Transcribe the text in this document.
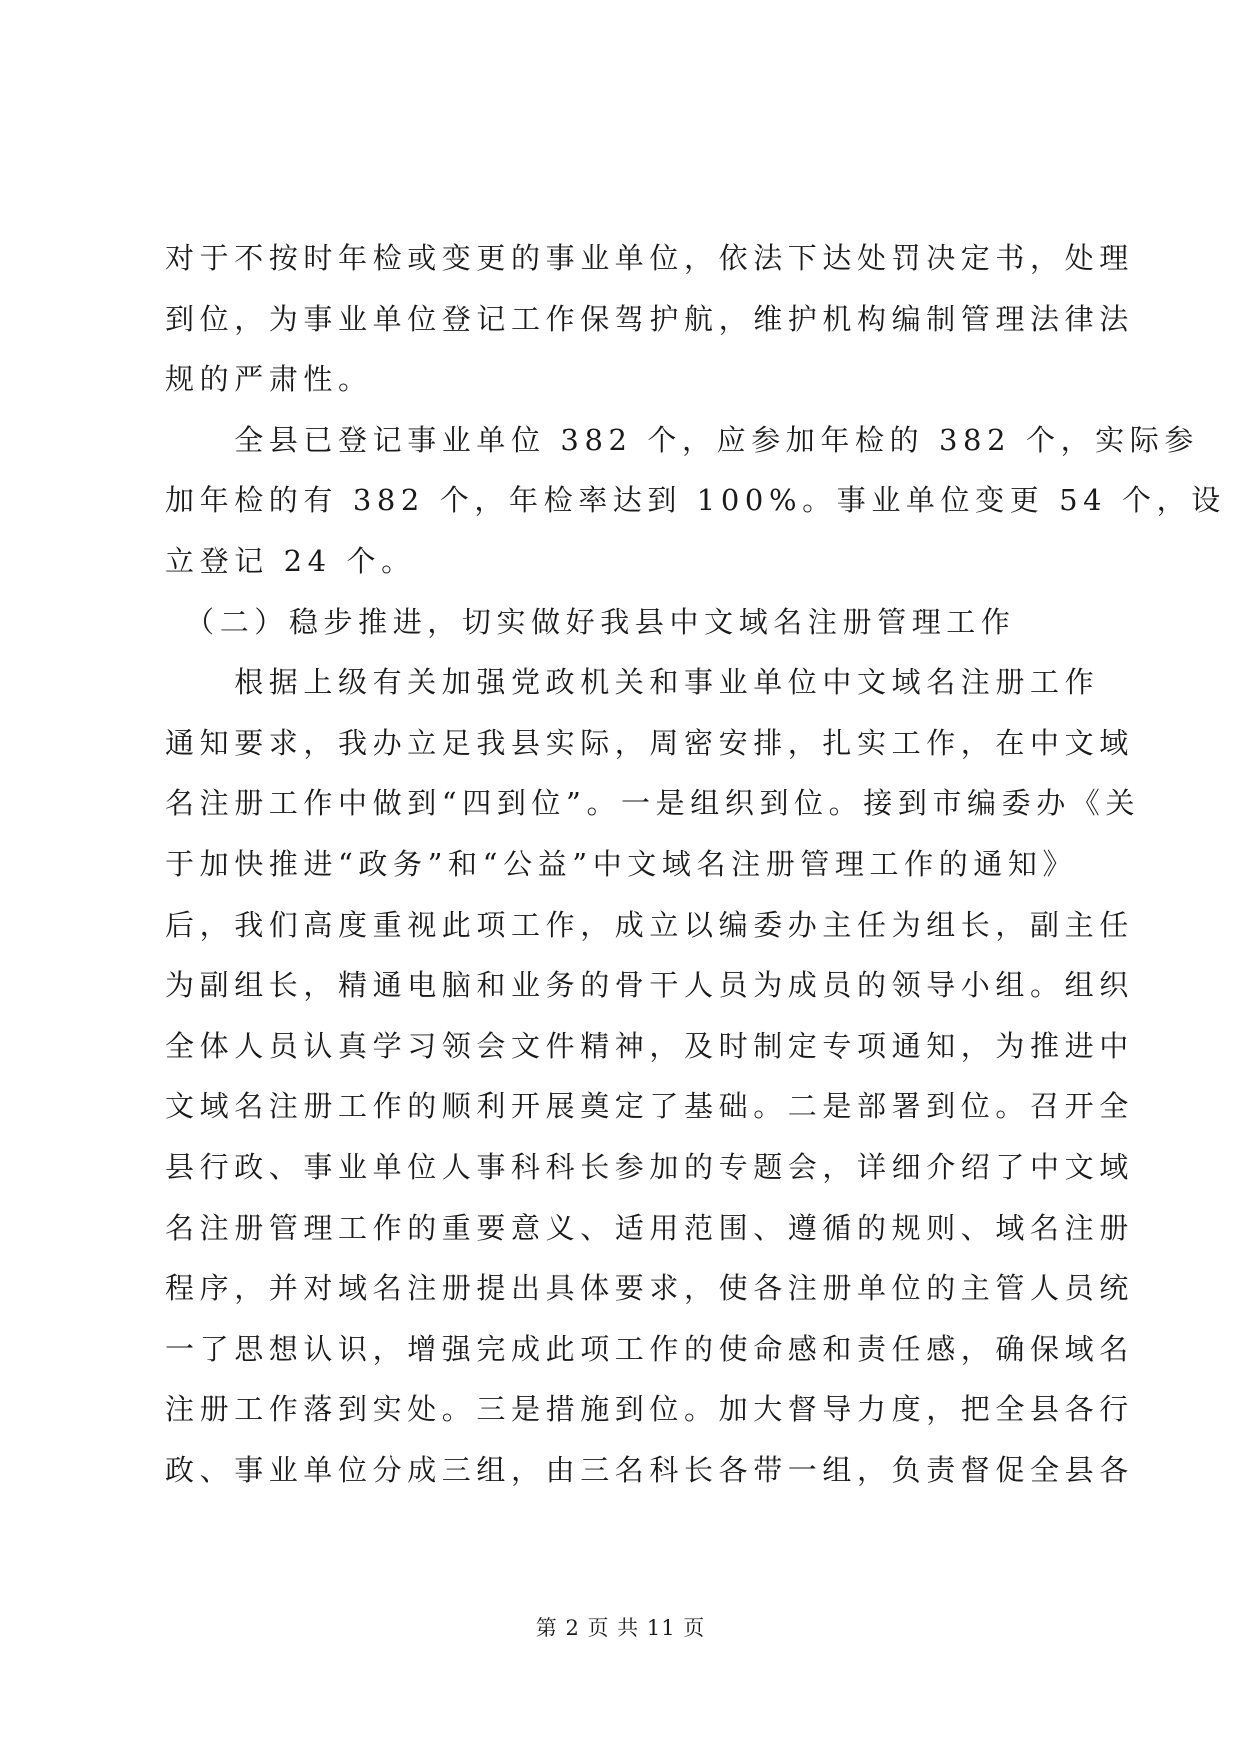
对于不按时年检或变更的事业单位，依法下达处罚决定书，处理
到位，为事业单位登记工作保驾护航，维护机构编制管理法律法
规的严肃性。

　　全县已登记事业单位 382 个，应参加年检的 382 个，实际参
加年检的有 382 个，年检率达到 100%。事业单位变更 54 个，设
立登记 24 个。

　（二）稳步推进，切实做好我县中文域名注册管理工作

　　根据上级有关加强党政机关和事业单位中文域名注册工作
通知要求，我办立足我县实际，周密安排，扎实工作，在中文域
名注册工作中做到“四到位”。一是组织到位。接到市编委办《关
于加快推进“政务”和“公益”中文域名注册管理工作的通知》
后，我们高度重视此项工作，成立以编委办主任为组长，副主任
为副组长，精通电脑和业务的骨干人员为成员的领导小组。组织
全体人员认真学习领会文件精神，及时制定专项通知，为推进中
文域名注册工作的顺利开展奠定了基础。二是部署到位。召开全
县行政、事业单位人事科科长参加的专题会，详细介绍了中文域
名注册管理工作的重要意义、适用范围、遵循的规则、域名注册
程序，并对域名注册提出具体要求，使各注册单位的主管人员统
一了思想认识，增强完成此项工作的使命感和责任感，确保域名
注册工作落到实处。三是措施到位。加大督导力度，把全县各行
政、事业单位分成三组，由三名科长各带一组，负责督促全县各

第 2 页 共 11 页
